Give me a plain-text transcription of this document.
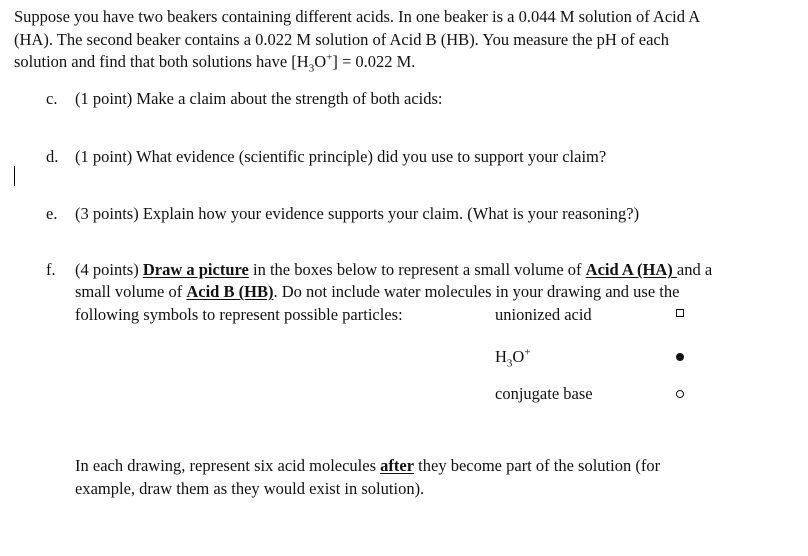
Suppose you have two beakers containing different acids. In one beaker is a 0.044 M solution of Acid A
(HA). The second beaker contains a 0.022 M solution of Acid B (HB). You measure the pH of each
solution and find that both solutions have $[H_3O^+] = 0.022$ M.
c. (1 point) Make a claim about the strength of both acids:
d. (1 point) What evidence (scientific principle) did you use to support your claim?
e. (3 points) Explain how your evidence supports your claim. (What is your reasoning?)
f. (4 points) Draw a picture in the boxes below to represent a small volume of Acid A (HA) and a
small volume of Acid B (HB). Do not include water molecules in your drawing and use the
following symbols to represent possible particles:	unionized acid
$H_3O^+$
conjugate base
In each drawing, represent six acid molecules after they become part of the solution (for
example, draw them as they would exist in solution).
